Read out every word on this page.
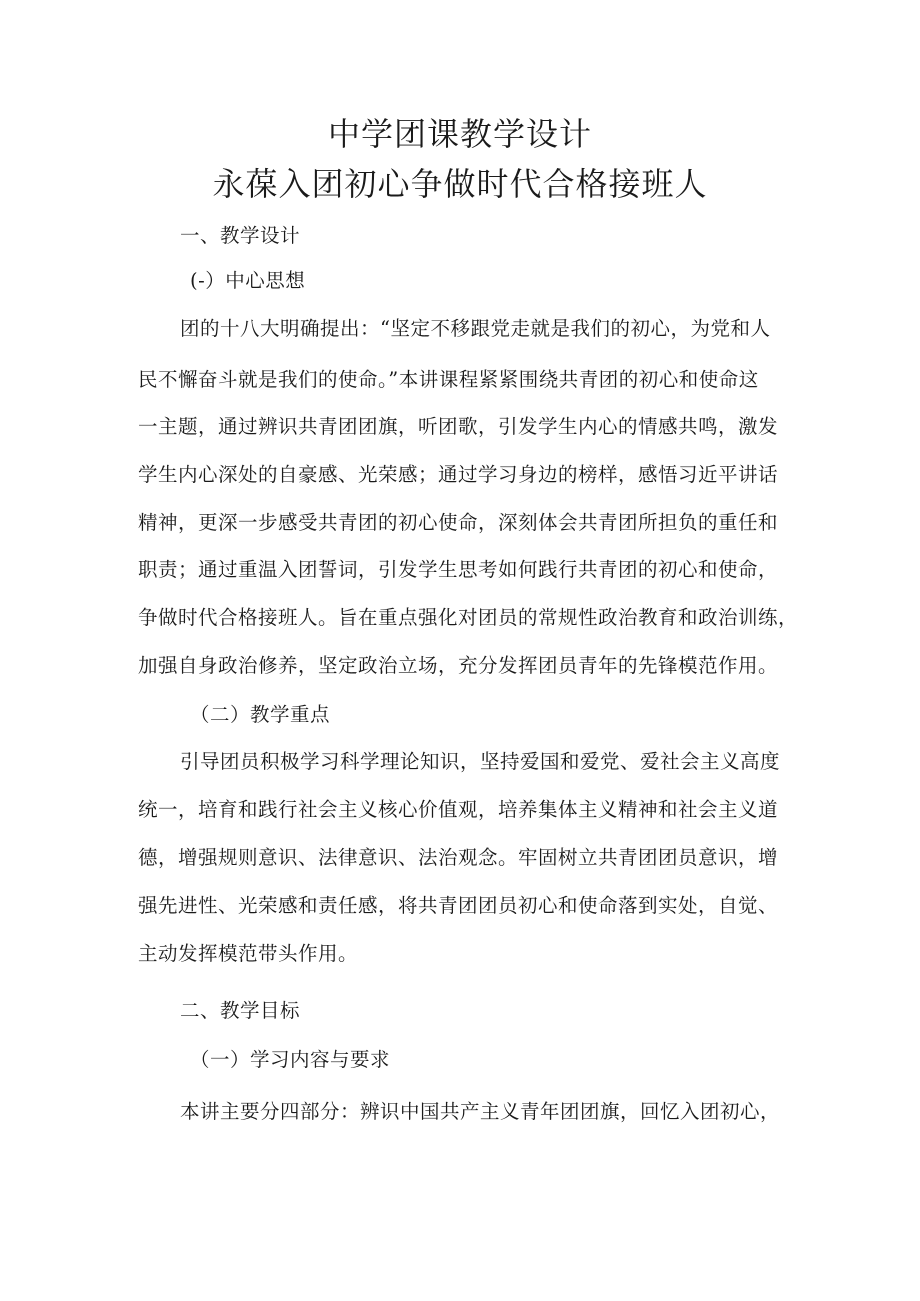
中学团课教学设计
永葆入团初心争做时代合格接班人
一、教学设计
(-）中心思想
团的十八大明确提出：“坚定不移跟党走就是我们的初心，为党和人
民不懈奋斗就是我们的使命。”本讲课程紧紧围绕共青团的初心和使命这
一主题，通过辨识共青团团旗，听团歌，引发学生内心的情感共鸣，激发
学生内心深处的自豪感、光荣感；通过学习身边的榜样，感悟习近平讲话
精神，更深一步感受共青团的初心使命，深刻体会共青团所担负的重任和
职责；通过重温入团誓词，引发学生思考如何践行共青团的初心和使命，
争做时代合格接班人。旨在重点强化对团员的常规性政治教育和政治训练，
加强自身政治修养，坚定政治立场，充分发挥团员青年的先锋模范作用。
（二）教学重点
引导团员积极学习科学理论知识，坚持爱国和爱党、爱社会主义高度
统一，培育和践行社会主义核心价值观，培养集体主义精神和社会主义道
德，增强规则意识、法律意识、法治观念。牢固树立共青团团员意识，增
强先进性、光荣感和责任感，将共青团团员初心和使命落到实处，自觉、
主动发挥模范带头作用。
二、教学目标
（一）学习内容与要求
本讲主要分四部分：辨识中国共产主义青年团团旗，回忆入团初心，
